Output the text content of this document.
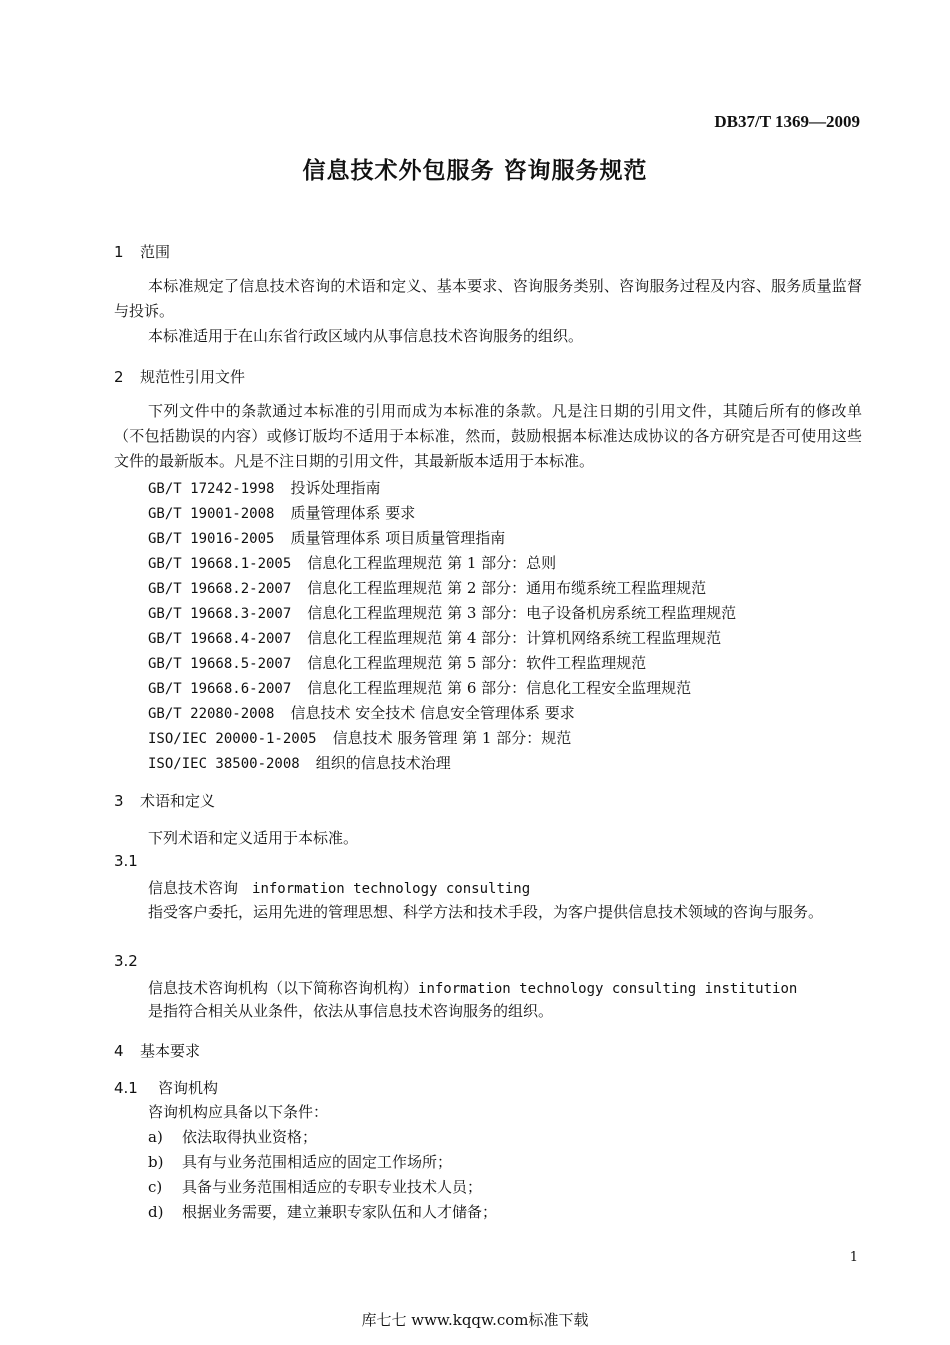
DB37/T 1369—2009
信息技术外包服务 咨询服务规范
1 范围
本标准规定了信息技术咨询的术语和定义、基本要求、咨询服务类别、咨询服务过程及内容、服务质量监督与投诉。
本标准适用于在山东省行政区域内从事信息技术咨询服务的组织。
2 规范性引用文件
下列文件中的条款通过本标准的引用而成为本标准的条款。凡是注日期的引用文件，其随后所有的修改单（不包括勘误的内容）或修订版均不适用于本标准，然而，鼓励根据本标准达成协议的各方研究是否可使用这些文件的最新版本。凡是不注日期的引用文件，其最新版本适用于本标准。
GB/T 17242-1998 投诉处理指南
GB/T 19001-2008 质量管理体系 要求
GB/T 19016-2005 质量管理体系 项目质量管理指南
GB/T 19668.1-2005 信息化工程监理规范 第 1 部分：总则
GB/T 19668.2-2007 信息化工程监理规范 第 2 部分：通用布缆系统工程监理规范
GB/T 19668.3-2007 信息化工程监理规范 第 3 部分：电子设备机房系统工程监理规范
GB/T 19668.4-2007 信息化工程监理规范 第 4 部分：计算机网络系统工程监理规范
GB/T 19668.5-2007 信息化工程监理规范 第 5 部分：软件工程监理规范
GB/T 19668.6-2007 信息化工程监理规范 第 6 部分：信息化工程安全监理规范
GB/T 22080-2008 信息技术 安全技术 信息安全管理体系 要求
ISO/IEC 20000-1-2005 信息技术 服务管理 第 1 部分：规范
ISO/IEC 38500-2008 组织的信息技术治理
3 术语和定义
下列术语和定义适用于本标准。
3.1
信息技术咨询 information technology consulting
指受客户委托，运用先进的管理思想、科学方法和技术手段，为客户提供信息技术领域的咨询与服务。
3.2
信息技术咨询机构（以下简称咨询机构）information technology consulting institution
是指符合相关从业条件，依法从事信息技术咨询服务的组织。
4 基本要求
4.1 咨询机构
咨询机构应具备以下条件：
a) 依法取得执业资格；
b) 具有与业务范围相适应的固定工作场所；
c) 具备与业务范围相适应的专职专业技术人员；
d) 根据业务需要，建立兼职专家队伍和人才储备；
1
库七七 www.kqqw.com标准下载
